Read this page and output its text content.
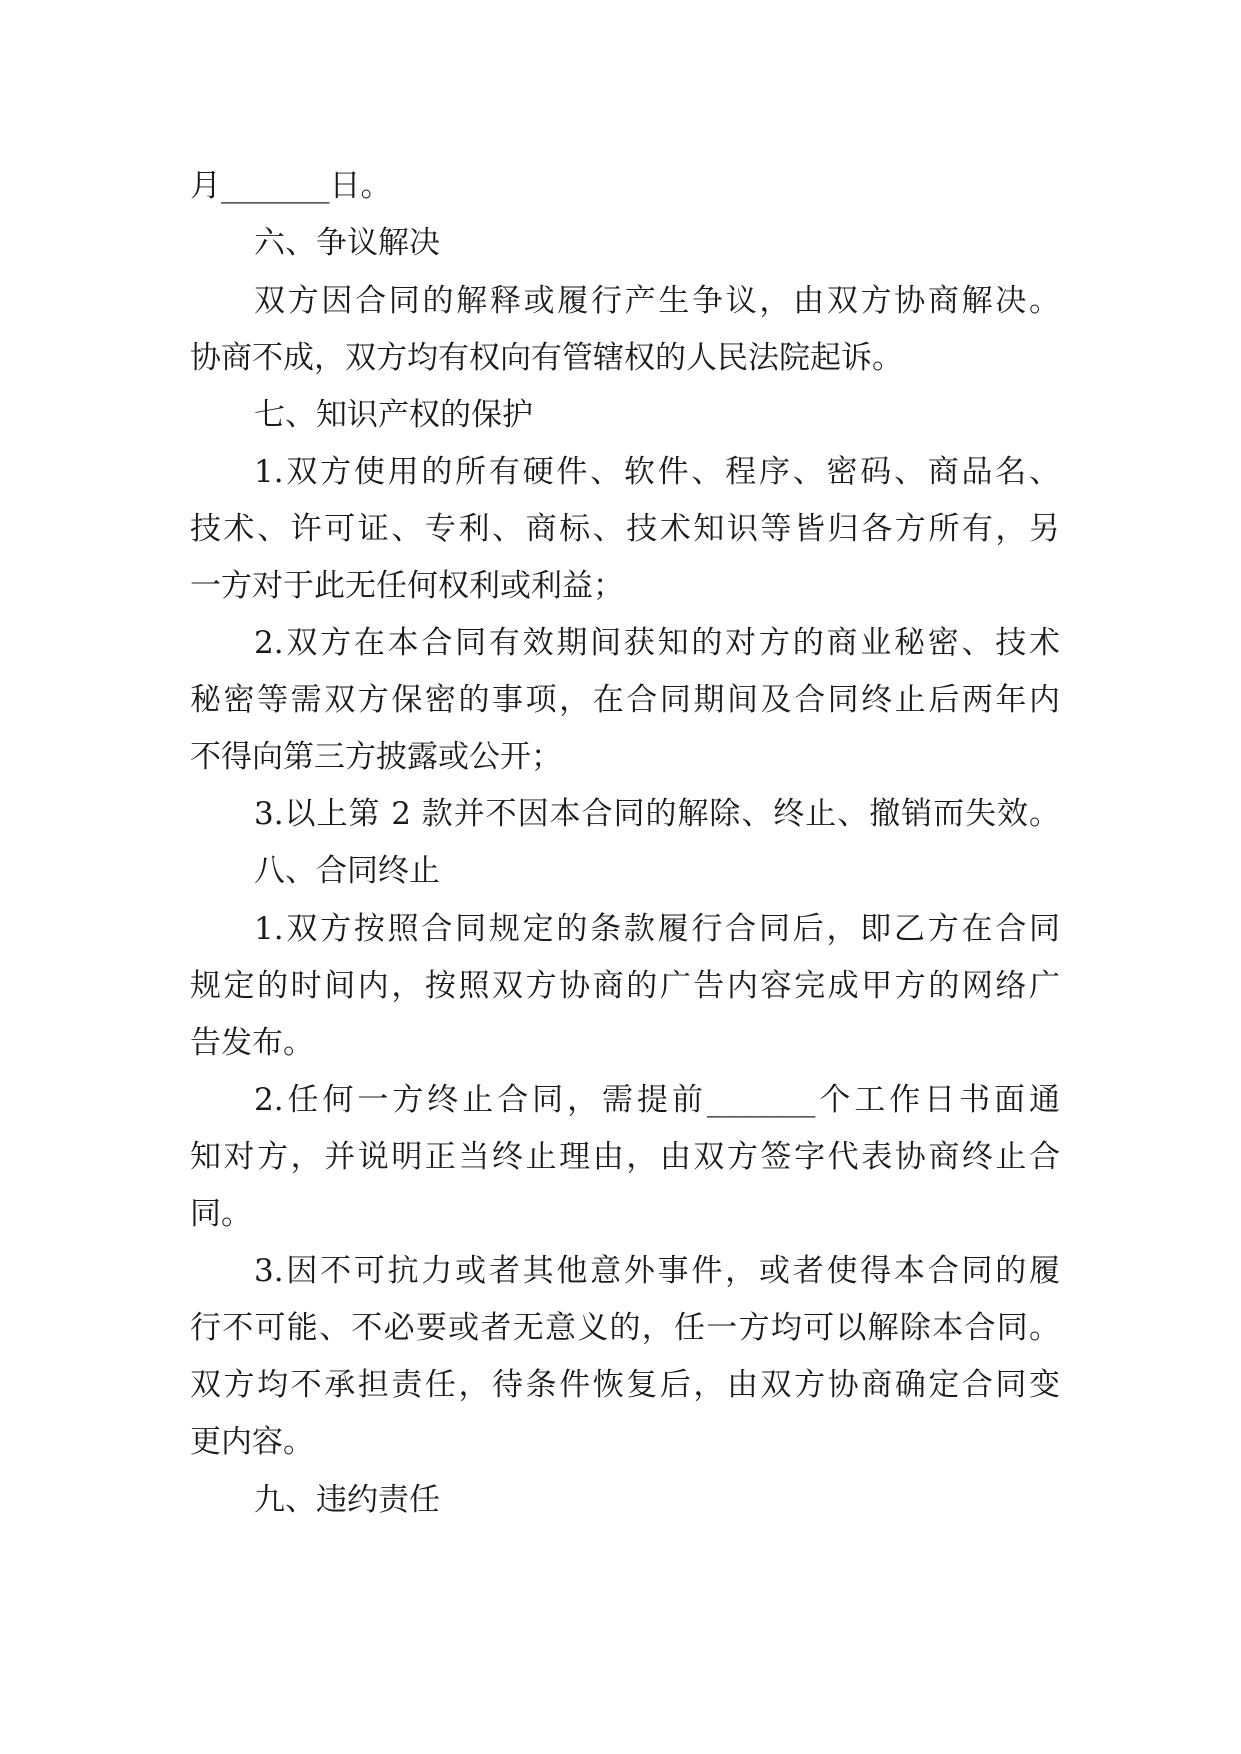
月_______日。
六、争议解决
双方因合同的解释或履行产生争议，由双方协商解决。
协商不成，双方均有权向有管辖权的人民法院起诉。
七、知识产权的保护
1.双方使用的所有硬件、软件、程序、密码、商品名、
技术、许可证、专利、商标、技术知识等皆归各方所有，另
一方对于此无任何权利或利益；
2.双方在本合同有效期间获知的对方的商业秘密、技术
秘密等需双方保密的事项，在合同期间及合同终止后两年内
不得向第三方披露或公开；
3.以上第 2 款并不因本合同的解除、终止、撤销而失效。
八、合同终止
1.双方按照合同规定的条款履行合同后，即乙方在合同
规定的时间内，按照双方协商的广告内容完成甲方的网络广
告发布。
2.任何一方终止合同，需提前_______个工作日书面通
知对方，并说明正当终止理由，由双方签字代表协商终止合
同。
3.因不可抗力或者其他意外事件，或者使得本合同的履
行不可能、不必要或者无意义的，任一方均可以解除本合同。
双方均不承担责任，待条件恢复后，由双方协商确定合同变
更内容。
九、违约责任
